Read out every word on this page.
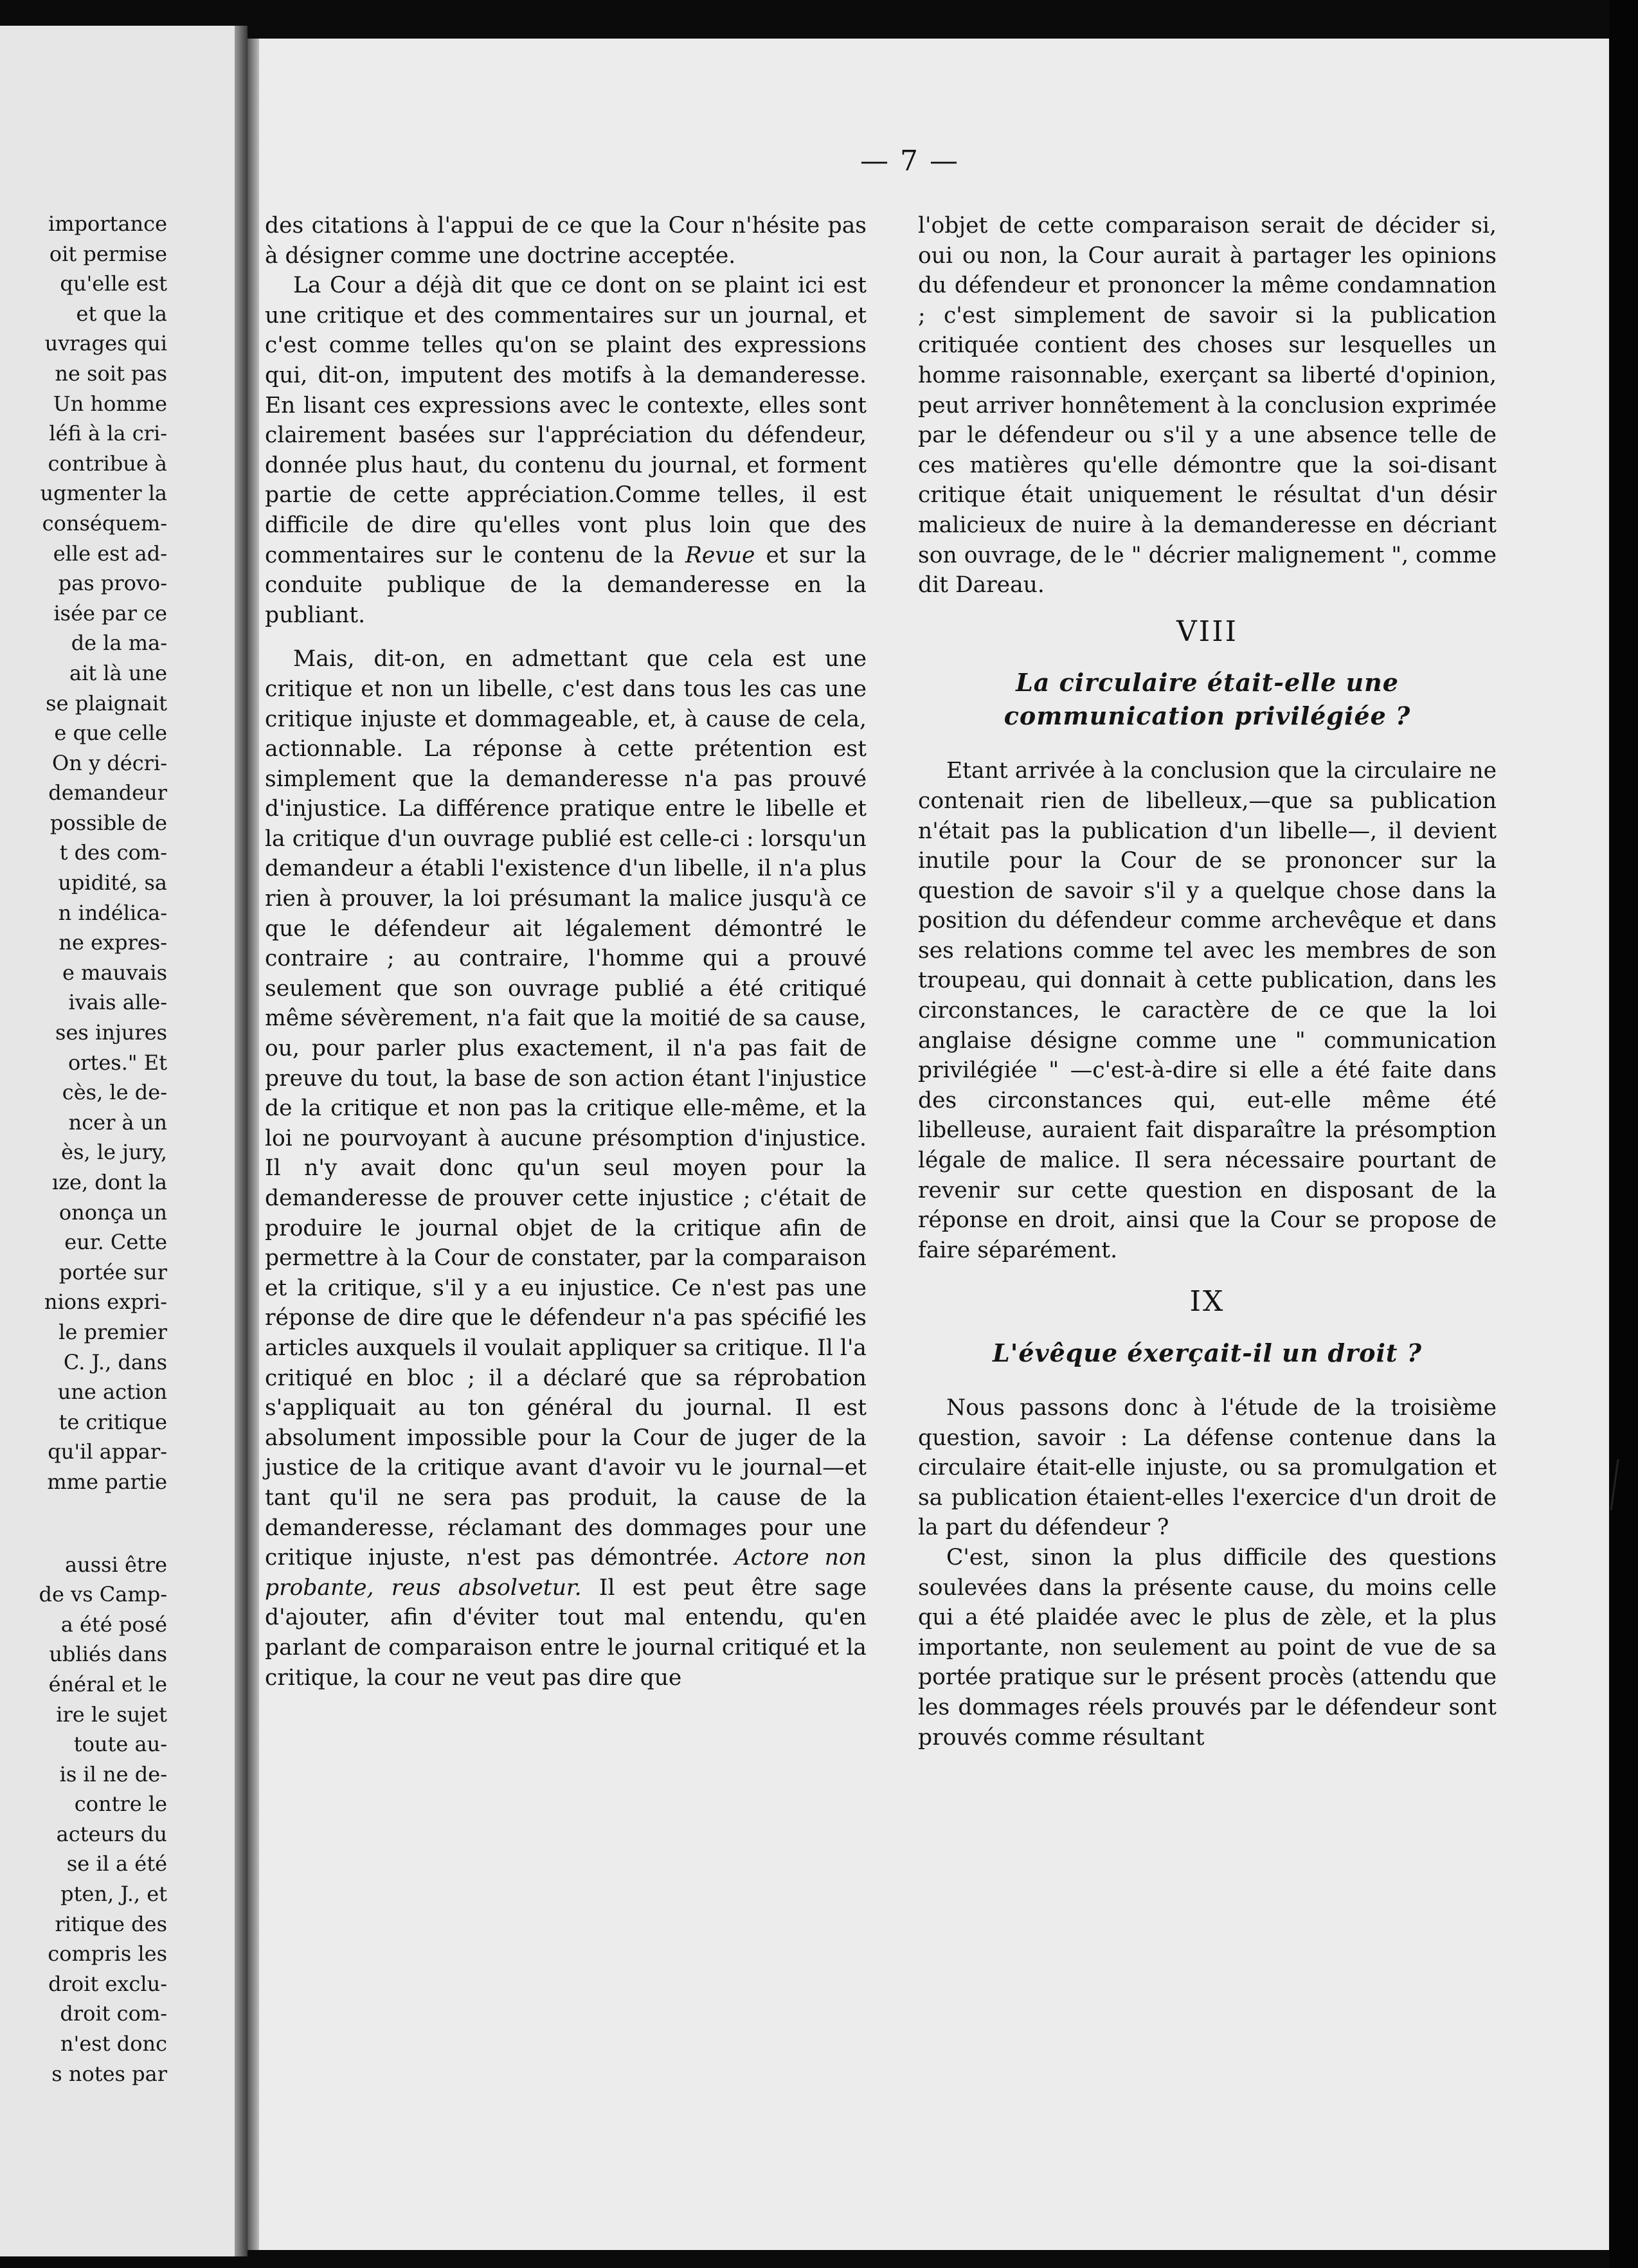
— 7 —
importance
oit permise
qu'elle est
et que la
uvrages qui
ne soit pas
Un homme
léfi à la cri-
contribue à
ugmenter la
conséquem-
elle est ad-
pas provo-
isée par ce
de la ma-
ait là une
se plaignait
e que celle
On y décri-
demandeur
possible de
t des com-
upidité, sa
n indélica-
ne expres-
e mauvais
ivais alle-
ses injures
ortes." Et
cès, le de-
ncer à un
ès, le jury,
ıze, dont la
ononça un
eur. Cette
portée sur
nions expri-
le premier
C. J., dans
une action
te critique
qu'il appar-
mme partie
aussi être
de vs Camp-
a été posé
ubliés dans
énéral et le
ire le sujet
toute au-
is il ne de-
contre le
acteurs du
se il a été
pten, J., et
ritique des
compris les
droit exclu-
droit com-
n'est donc
s notes par

des citations à l'appui de ce que la Cour n'hésite pas à désigner comme une doctrine acceptée.

La Cour a déjà dit que ce dont on se plaint ici est une critique et des commentaires sur un journal, et c'est comme telles qu'on se plaint des expressions qui, dit-on, imputent des motifs à la demanderesse. En lisant ces expressions avec le contexte, elles sont clairement basées sur l'appréciation du défendeur, donnée plus haut, du contenu du journal, et forment partie de cette appréciation.Comme telles, il est difficile de dire qu'elles vont plus loin que des commentaires sur le contenu de la Revue et sur la conduite publique de la demanderesse en la publiant.

Mais, dit-on, en admettant que cela est une critique et non un libelle, c'est dans tous les cas une critique injuste et dommageable, et, à cause de cela, actionnable. La réponse à cette prétention est simplement que la demanderesse n'a pas prouvé d'injustice. La différence pratique entre le libelle et la critique d'un ouvrage publié est celle-ci : lorsqu'un demandeur a établi l'existence d'un libelle, il n'a plus rien à prouver, la loi présumant la malice jusqu'à ce que le défendeur ait légalement démontré le contraire ; au contraire, l'homme qui a prouvé seulement que son ouvrage publié a été critiqué même sévèrement, n'a fait que la moitié de sa cause, ou, pour parler plus exactement, il n'a pas fait de preuve du tout, la base de son action étant l'injustice de la critique et non pas la critique elle-même, et la loi ne pourvoyant à aucune présomption d'injustice. Il n'y avait donc qu'un seul moyen pour la demanderesse de prouver cette injustice ; c'était de produire le journal objet de la critique afin de permettre à la Cour de constater, par la comparaison et la critique, s'il y a eu injustice. Ce n'est pas une réponse de dire que le défendeur n'a pas spécifié les articles auxquels il voulait appliquer sa critique. Il l'a critiqué en bloc ; il a déclaré que sa réprobation s'appliquait au ton général du journal. Il est absolument impossible pour la Cour de juger de la justice de la critique avant d'avoir vu le journal—et tant qu'il ne sera pas produit, la cause de la demanderesse, réclamant des dommages pour une critique injuste, n'est pas démontrée. Actore non probante, reus absolvetur. Il est peut être sage d'ajouter, afin d'éviter tout mal entendu, qu'en parlant de comparaison entre le journal critiqué et la critique, la cour ne veut pas dire que

l'objet de cette comparaison serait de décider si, oui ou non, la Cour aurait à partager les opinions du défendeur et prononcer la même condamnation ; c'est simplement de savoir si la publication critiquée contient des choses sur lesquelles un homme raisonnable, exerçant sa liberté d'opinion, peut arriver honnêtement à la conclusion exprimée par le défendeur ou s'il y a une absence telle de ces matières qu'elle démontre que la soi-disant critique était uniquement le résultat d'un désir malicieux de nuire à la demanderesse en décriant son ouvrage, de le " décrier malignement ", comme dit Dareau.

VIII
La circulaire était-elle une communication privilégiée ?

Etant arrivée à la conclusion que la circulaire ne contenait rien de libelleux,—que sa publication n'était pas la publication d'un libelle—, il devient inutile pour la Cour de se prononcer sur la question de savoir s'il y a quelque chose dans la position du défendeur comme archevêque et dans ses relations comme tel avec les membres de son troupeau, qui donnait à cette publication, dans les circonstances, le caractère de ce que la loi anglaise désigne comme une " communication privilégiée " —c'est-à-dire si elle a été faite dans des circonstances qui, eut-elle même été libelleuse, auraient fait disparaître la présomption légale de malice. Il sera nécessaire pourtant de revenir sur cette question en disposant de la réponse en droit, ainsi que la Cour se propose de faire séparément.

IX
L'évêque éxerçait-il un droit ?

Nous passons donc à l'étude de la troisième question, savoir : La défense contenue dans la circulaire était-elle injuste, ou sa promulgation et sa publication étaient-elles l'exercice d'un droit de la part du défendeur ?

C'est, sinon la plus difficile des questions soulevées dans la présente cause, du moins celle qui a été plaidée avec le plus de zèle, et la plus importante, non seulement au point de vue de sa portée pratique sur le présent procès (attendu que les dommages réels prouvés par le défendeur sont prouvés comme résultant
